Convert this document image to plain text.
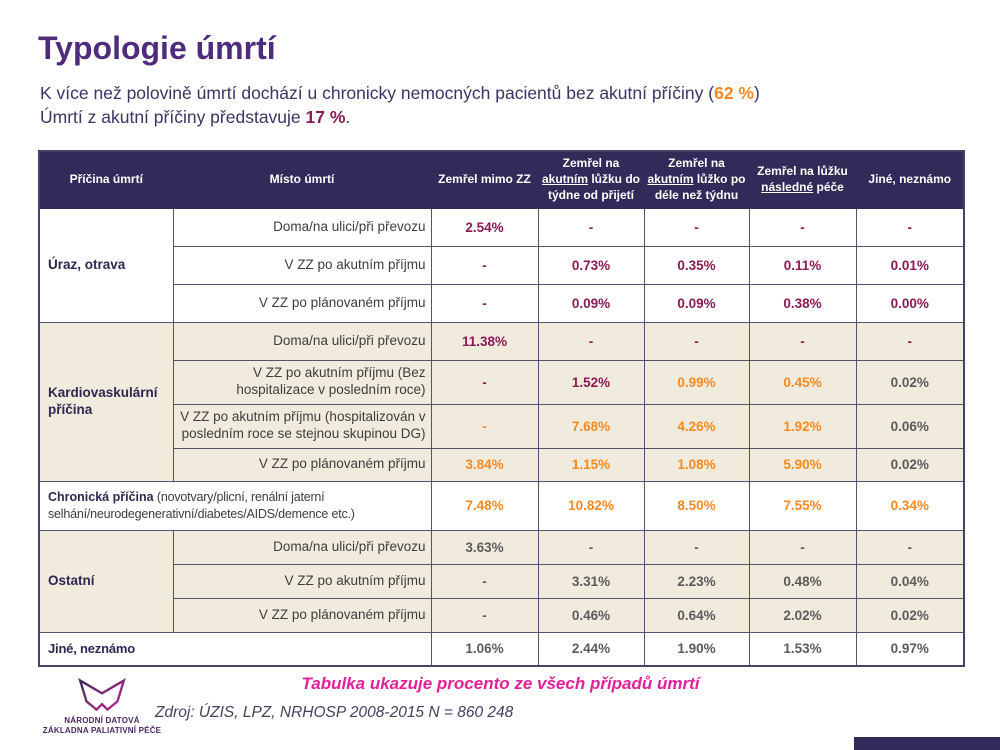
Typologie úmrtí
K více než polovině úmrtí dochází u chronicky nemocných pacientů bez akutní příčiny (62 %)
Úmrtí z akutní příčiny představuje 17 %.
Příčina úmrtí	Místo úmrtí	Zemřel mimo ZZ	Zemřel na akutním lůžku do týdne od přijetí	Zemřel na akutním lůžko po déle než týdnu	Zemřel na lůžku následné péče	Jiné, neznámo
Úraz, otrava	Doma/na ulici/při převozu	2.54%	-	-	-	-
	V ZZ po akutním příjmu	-	0.73%	0.35%	0.11%	0.01%
	V ZZ po plánovaném příjmu	-	0.09%	0.09%	0.38%	0.00%
Kardiovaskulární příčina	Doma/na ulici/při převozu	11.38%	-	-	-	-
	V ZZ po akutním příjmu (Bez hospitalizace v posledním roce)	-	1.52%	0.99%	0.45%	0.02%
	V ZZ po akutním příjmu (hospitalizován v posledním roce se stejnou skupinou DG)	-	7.68%	4.26%	1.92%	0.06%
	V ZZ po plánovaném příjmu	3.84%	1.15%	1.08%	5.90%	0.02%
Chronická příčina (novotvary/plicní, renální jaterní selhání/neurodegenerativní/diabetes/AIDS/demence etc.)		7.48%	10.82%	8.50%	7.55%	0.34%
Ostatní	Doma/na ulici/při převozu	3.63%	-	-	-	-
	V ZZ po akutním příjmu	-	3.31%	2.23%	0.48%	0.04%
	V ZZ po plánovaném příjmu	-	0.46%	0.64%	2.02%	0.02%
Jiné, neznámo		1.06%	2.44%	1.90%	1.53%	0.97%
Tabulka ukazuje procento ze všech případů úmrtí
Zdroj: ÚZIS, LPZ, NRHOSP 2008-2015 N = 860 248
NÁRODNÍ DATOVÁ
ZÁKLADNA PALIATIVNÍ PÉČE
